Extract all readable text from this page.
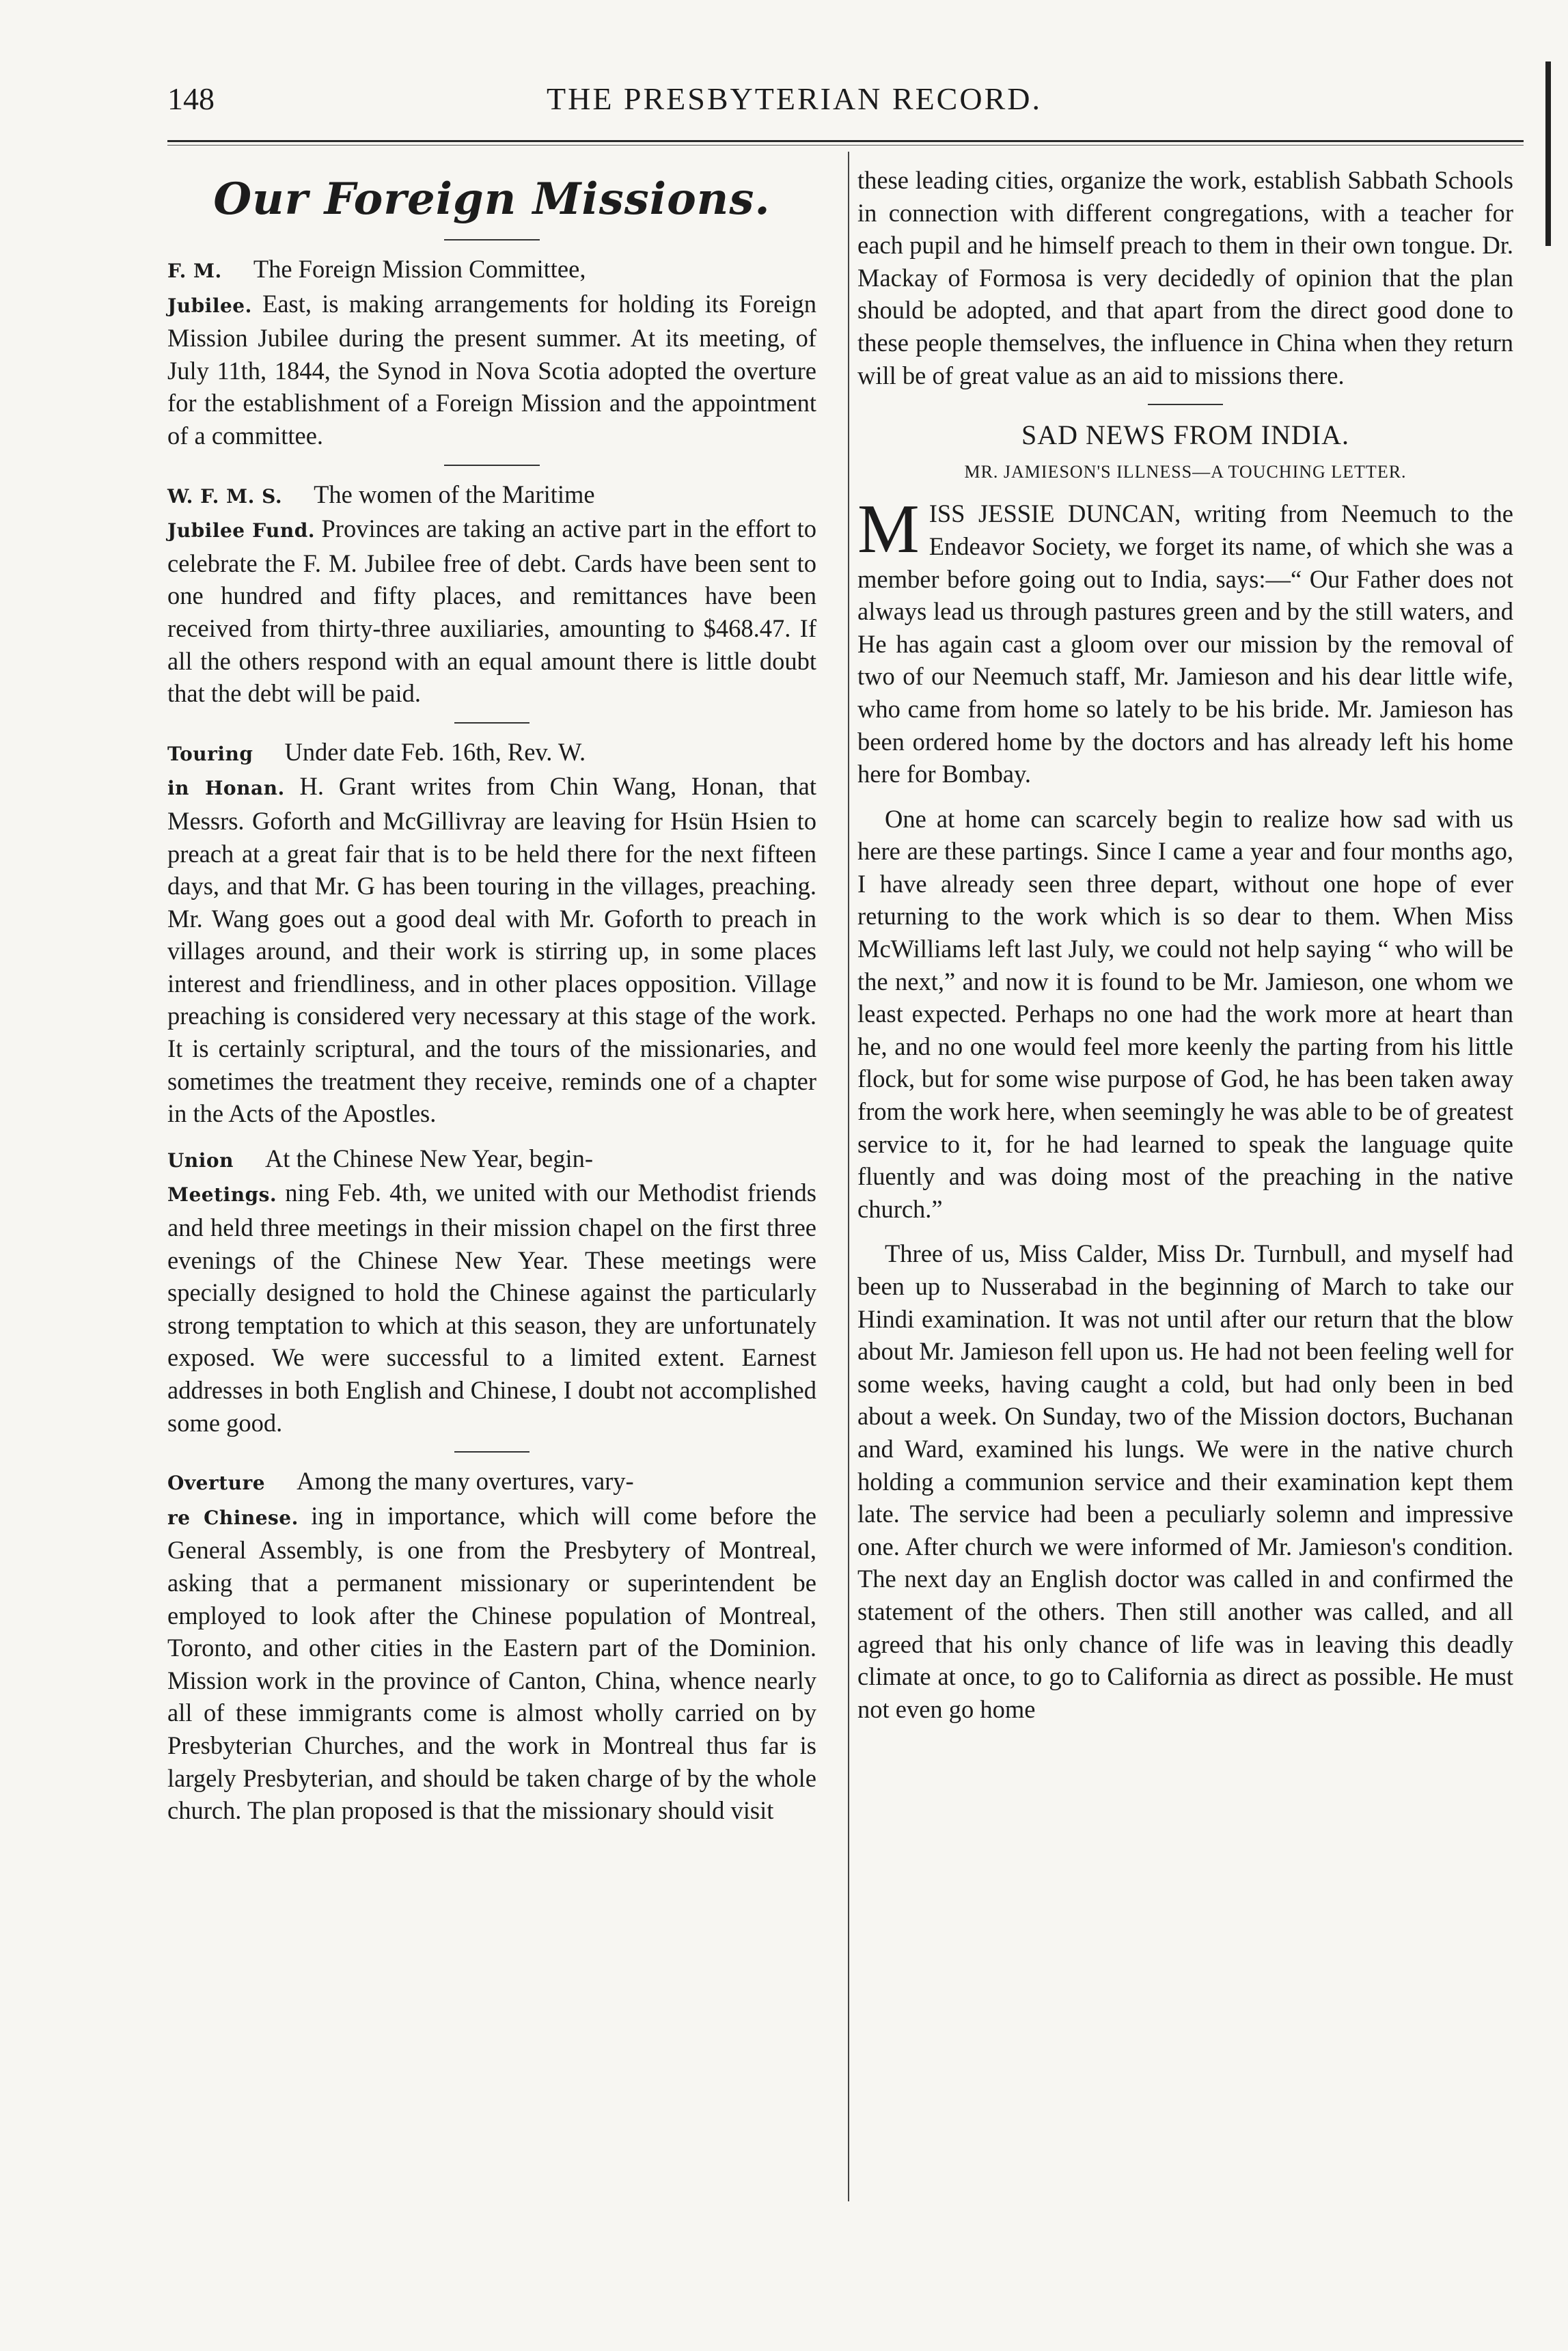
148	THE PRESBYTERIAN RECORD.
Our Foreign Missions.

F. M. The Foreign Mission Committee,

Jubilee. East, is making arrangements for holding its Foreign Mission Jubilee during the present summer. At its meeting, of July 11th, 1844, the Synod in Nova Scotia adopted the overture for the establishment of a Foreign Mission and the appointment of a committee.

W. F. M. S. The women of the Maritime

Jubilee Fund. Provinces are taking an active part in the effort to celebrate the F. M. Jubilee free of debt. Cards have been sent to one hundred and fifty places, and remittances have been received from thirty-three auxiliaries, amounting to $468.47. If all the others respond with an equal amount there is little doubt that the debt will be paid.

Touring Under date Feb. 16th, Rev. W.

in Honan. H. Grant writes from Chin Wang, Honan, that Messrs. Goforth and McGillivray are leaving for Hsün Hsien to preach at a great fair that is to be held there for the next fifteen days, and that Mr. G has been touring in the villages, preaching. Mr. Wang goes out a good deal with Mr. Goforth to preach in villages around, and their work is stirring up, in some places interest and friendliness, and in other places opposition. Village preaching is considered very necessary at this stage of the work. It is certainly scriptural, and the tours of the missionaries, and sometimes the treatment they receive, reminds one of a chapter in the Acts of the Apostles.

Union At the Chinese New Year, begin-

Meetings. ning Feb. 4th, we united with our Methodist friends and held three meetings in their mission chapel on the first three evenings of the Chinese New Year. These meetings were specially designed to hold the Chinese against the particularly strong temptation to which at this season, they are unfortunately exposed. We were successful to a limited extent. Earnest addresses in both English and Chinese, I doubt not accomplished some good.

Overture Among the many overtures, vary-

re Chinese. ing in importance, which will come before the General Assembly, is one from the Presbytery of Montreal, asking that a permanent missionary or superintendent be employed to look after the Chinese population of Montreal, Toronto, and other cities in the Eastern part of the Dominion. Mission work in the province of Canton, China, whence nearly all of these immigrants come is almost wholly carried on by Presbyterian Churches, and the work in Montreal thus far is largely Presbyterian, and should be taken charge of by the whole church. The plan proposed is that the missionary should visit

these leading cities, organize the work, establish Sabbath Schools in connection with different congregations, with a teacher for each pupil and he himself preach to them in their own tongue. Dr. Mackay of Formosa is very decidedly of opinion that the plan should be adopted, and that apart from the direct good done to these people themselves, the influence in China when they return will be of great value as an aid to missions there.

SAD NEWS FROM INDIA.
MR. JAMIESON'S ILLNESS—A TOUCHING LETTER.

MISS JESSIE DUNCAN, writing from Neemuch to the Endeavor Society, we forget its name, of which she was a member before going out to India, says:—“ Our Father does not always lead us through pastures green and by the still waters, and He has again cast a gloom over our mission by the removal of two of our Neemuch staff, Mr. Jamieson and his dear little wife, who came from home so lately to be his bride. Mr. Jamieson has been ordered home by the doctors and has already left his home here for Bombay.

One at home can scarcely begin to realize how sad with us here are these partings. Since I came a year and four months ago, I have already seen three depart, without one hope of ever returning to the work which is so dear to them. When Miss McWilliams left last July, we could not help saying “ who will be the next,” and now it is found to be Mr. Jamieson, one whom we least expected. Perhaps no one had the work more at heart than he, and no one would feel more keenly the parting from his little flock, but for some wise purpose of God, he has been taken away from the work here, when seemingly he was able to be of greatest service to it, for he had learned to speak the language quite fluently and was doing most of the preaching in the native church.”

Three of us, Miss Calder, Miss Dr. Turnbull, and myself had been up to Nusserabad in the beginning of March to take our Hindi examination. It was not until after our return that the blow about Mr. Jamieson fell upon us. He had not been feeling well for some weeks, having caught a cold, but had only been in bed about a week. On Sunday, two of the Mission doctors, Buchanan and Ward, examined his lungs. We were in the native church holding a communion service and their examination kept them late. The service had been a peculiarly solemn and impressive one. After church we were informed of Mr. Jamieson's condition. The next day an English doctor was called in and confirmed the statement of the others. Then still another was called, and all agreed that his only chance of life was in leaving this deadly climate at once, to go to California as direct as possible. He must not even go home
